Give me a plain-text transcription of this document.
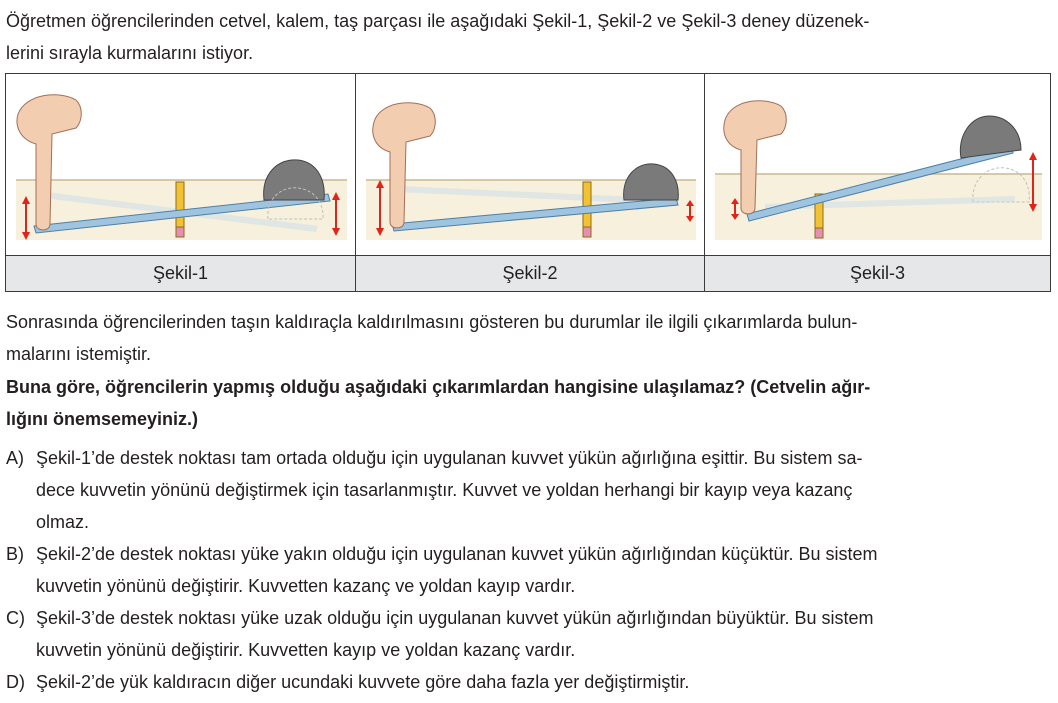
Öğretmen öğrencilerinden cetvel, kalem, taş parçası ile aşağıdaki Şekil-1, Şekil-2 ve Şekil-3 deney düzenek-

lerini sırayla kurmalarını istiyor.

Şekil-1	Şekil-2	Şekil-3

Sonrasında öğrencilerinden taşın kaldıraçla kaldırılmasını gösteren bu durumlar ile ilgili çıkarımlarda bulun-

malarını istemiştir.

Buna göre, öğrencilerin yapmış olduğu aşağıdaki çıkarımlardan hangisine ulaşılamaz? (Cetvelin ağır-

lığını önemsemeyiniz.)

A) Şekil-1’de destek noktası tam ortada olduğu için uygulanan kuvvet yükün ağırlığına eşittir. Bu sistem sa-
dece kuvvetin yönünü değiştirmek için tasarlanmıştır. Kuvvet ve yoldan herhangi bir kayıp veya kazanç
olmaz.
B) Şekil-2’de destek noktası yüke yakın olduğu için uygulanan kuvvet yükün ağırlığından küçüktür. Bu sistem
kuvvetin yönünü değiştirir. Kuvvetten kazanç ve yoldan kayıp vardır.
C) Şekil-3’de destek noktası yüke uzak olduğu için uygulanan kuvvet yükün ağırlığından büyüktür. Bu sistem
kuvvetin yönünü değiştirir. Kuvvetten kayıp ve yoldan kazanç vardır.
D) Şekil-2’de yük kaldıracın diğer ucundaki kuvvete göre daha fazla yer değiştirmiştir.
